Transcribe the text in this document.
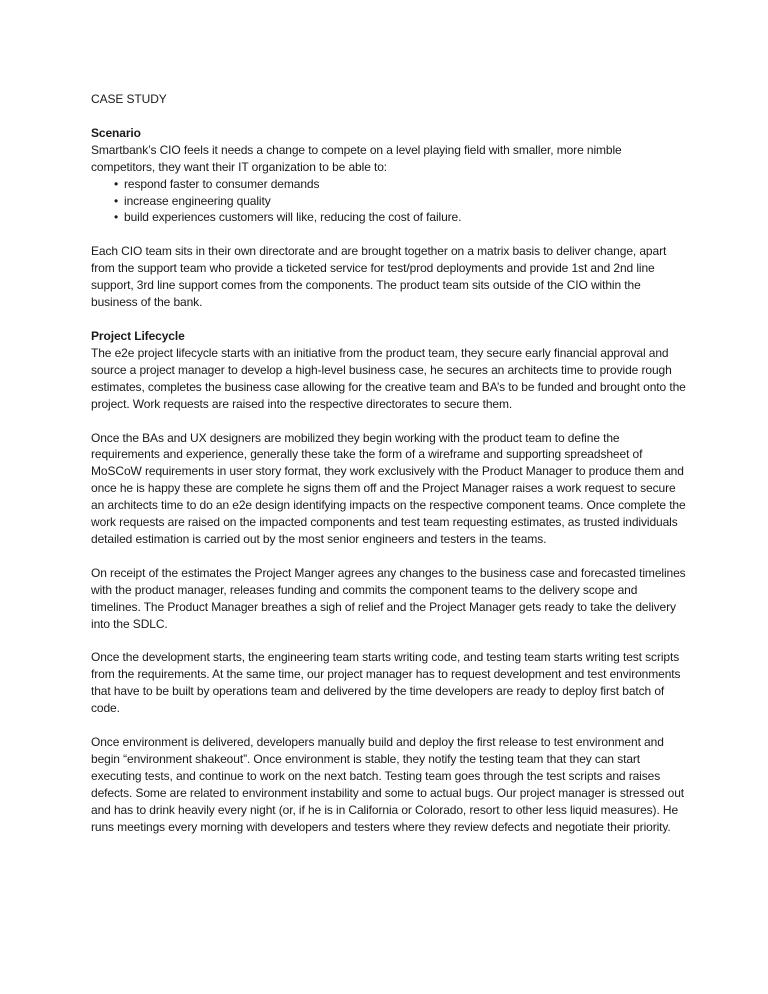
CASE STUDY

Scenario

Smartbank’s CIO feels it needs a change to compete on a level playing field with smaller, more nimble competitors, they want their IT organization to be able to:

• respond faster to consumer demands
• increase engineering quality
• build experiences customers will like, reducing the cost of failure.

Each CIO team sits in their own directorate and are brought together on a matrix basis to deliver change, apart from the support team who provide a ticketed service for test/prod deployments and provide 1st and 2nd line support, 3rd line support comes from the components. The product team sits outside of the CIO within the business of the bank.

Project Lifecycle

The e2e project lifecycle starts with an initiative from the product team, they secure early financial approval and source a project manager to develop a high-level business case, he secures an architects time to provide rough estimates, completes the business case allowing for the creative team and BA’s to be funded and brought onto the project. Work requests are raised into the respective directorates to secure them.

Once the BAs and UX designers are mobilized they begin working with the product team to define the requirements and experience, generally these take the form of a wireframe and supporting spreadsheet of MoSCoW requirements in user story format, they work exclusively with the Product Manager to produce them and once he is happy these are complete he signs them off and the Project Manager raises a work request to secure an architects time to do an e2e design identifying impacts on the respective component teams. Once complete the work requests are raised on the impacted components and test team requesting estimates, as trusted individuals detailed estimation is carried out by the most senior engineers and testers in the teams.

On receipt of the estimates the Project Manger agrees any changes to the business case and forecasted timelines with the product manager, releases funding and commits the component teams to the delivery scope and timelines. The Product Manager breathes a sigh of relief and the Project Manager gets ready to take the delivery into the SDLC.

Once the development starts, the engineering team starts writing code, and testing team starts writing test scripts from the requirements. At the same time, our project manager has to request development and test environments that have to be built by operations team and delivered by the time developers are ready to deploy first batch of code.

Once environment is delivered, developers manually build and deploy the first release to test environment and begin “environment shakeout”. Once environment is stable, they notify the testing team that they can start executing tests, and continue to work on the next batch. Testing team goes through the test scripts and raises defects. Some are related to environment instability and some to actual bugs. Our project manager is stressed out and has to drink heavily every night (or, if he is in California or Colorado, resort to other less liquid measures). He runs meetings every morning with developers and testers where they review defects and negotiate their priority.
